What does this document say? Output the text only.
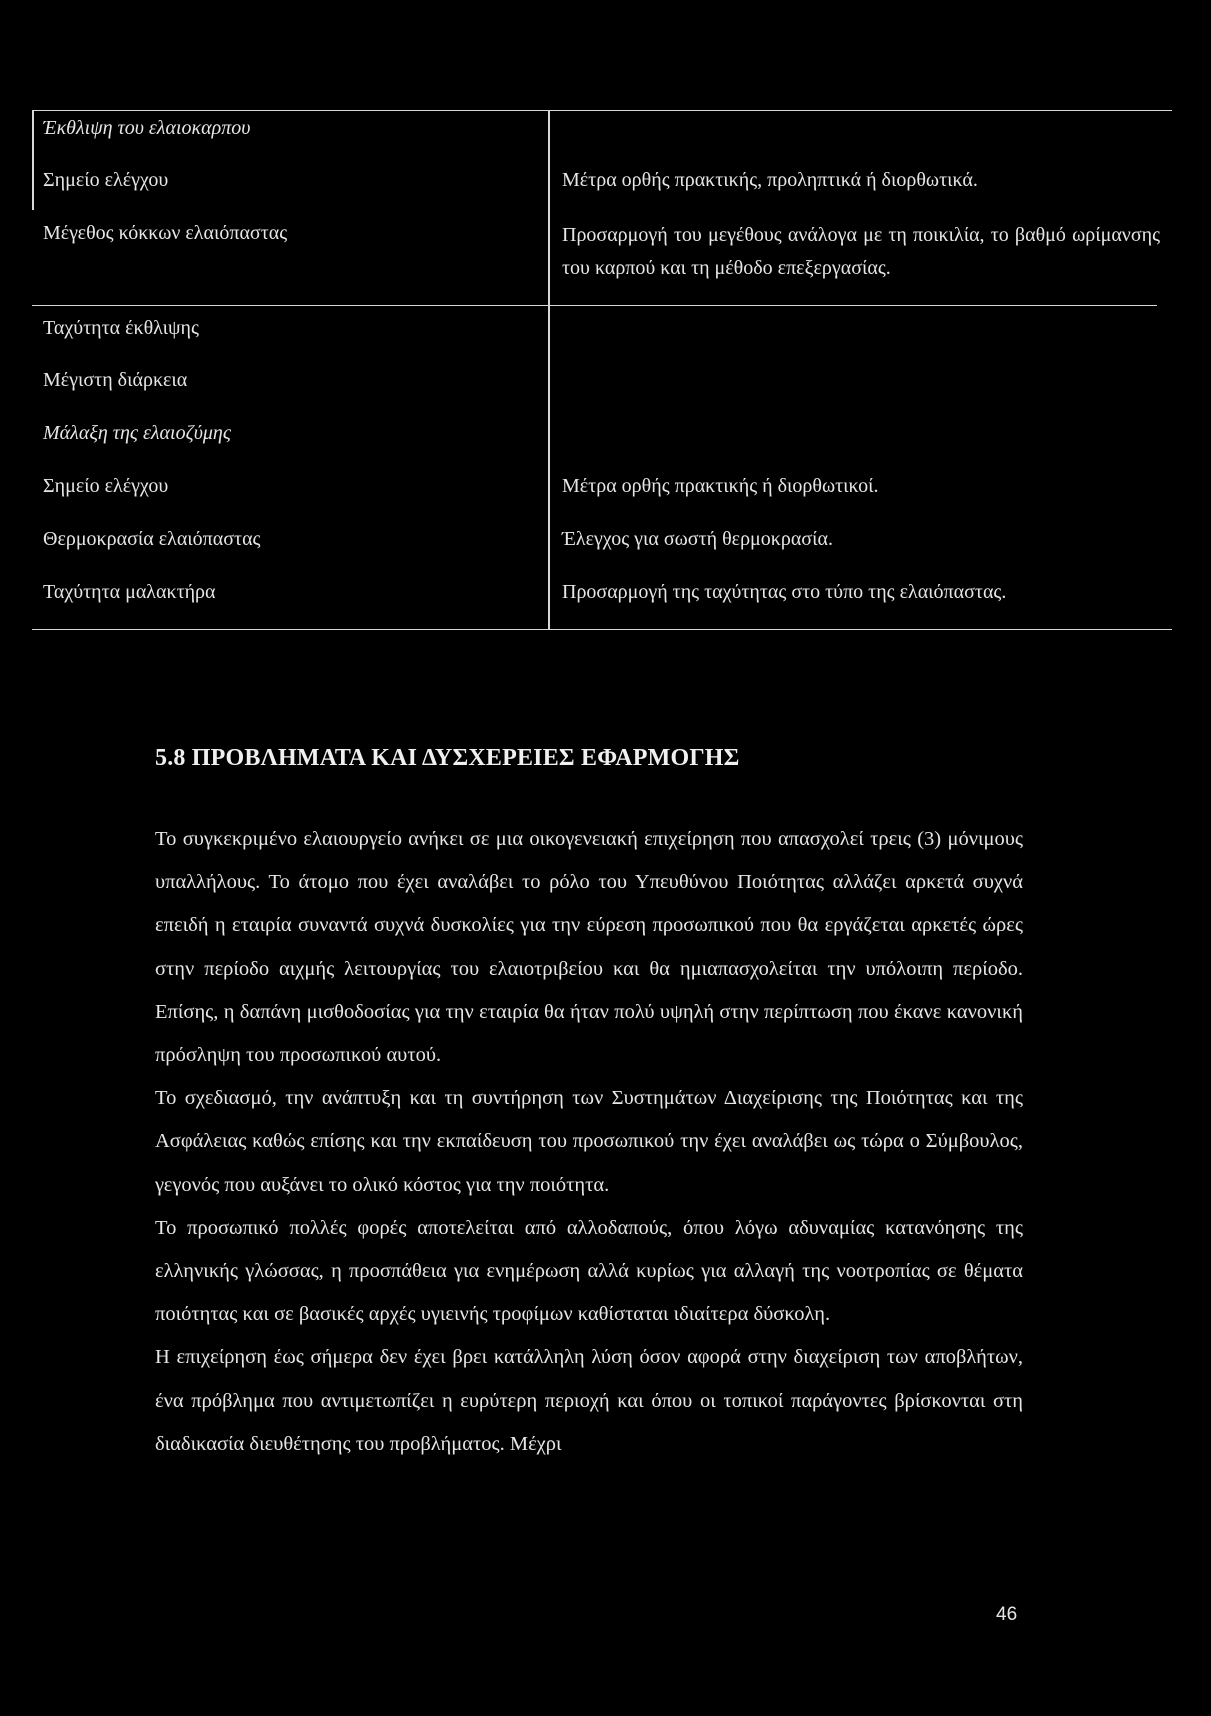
Έκθλιψη του ελαιοκαρπου
Σημείο ελέγχου
Μέγεθος κόκκων ελαιόπαστας
Ταχύτητα έκθλιψης
Μέγιστη διάρκεια
Μάλαξη της ελαιοζύμης
Σημείο ελέγχου
Θερμοκρασία ελαιόπαστας
Ταχύτητα μαλακτήρα
Μέτρα ορθής πρακτικής, προληπτικά ή διορθωτικά.
Προσαρμογή του μεγέθους ανάλογα με τη ποικιλία, το βαθμό ωρίμανσης του καρπού και τη μέθοδο επεξεργασίας.
Μέτρα ορθής πρακτικής ή διορθωτικοί.
Έλεγχος για σωστή θερμοκρασία.
Προσαρμογή της ταχύτητας στο τύπο της ελαιόπαστας.
5.8 ΠΡΟΒΛΗΜΑΤΑ ΚΑΙ ΔΥΣΧΕΡΕΙΕΣ ΕΦΑΡΜΟΓΗΣ

Το συγκεκριμένο ελαιουργείο ανήκει σε μια οικογενειακή επιχείρηση που απασχολεί τρεις (3) μόνιμους υπαλλήλους. Το άτομο που έχει αναλάβει το ρόλο του Υπευθύνου Ποιότητας αλλάζει αρκετά συχνά επειδή η εταιρία συναντά συχνά δυσκολίες για την εύρεση προσωπικού που θα εργάζεται αρκετές ώρες στην περίοδο αιχμής λειτουργίας του ελαιοτριβείου και θα ημιαπασχολείται την υπόλοιπη περίοδο. Επίσης, η δαπάνη μισθοδοσίας για την εταιρία θα ήταν πολύ υψηλή στην περίπτωση που έκανε κανονική πρόσληψη του προσωπικού αυτού.

Το σχεδιασμό, την ανάπτυξη και τη συντήρηση των Συστημάτων Διαχείρισης της Ποιότητας και της Ασφάλειας καθώς επίσης και την εκπαίδευση του προσωπικού την έχει αναλάβει ως τώρα ο Σύμβουλος, γεγονός που αυξάνει το ολικό κόστος για την ποιότητα.

Το προσωπικό πολλές φορές αποτελείται από αλλοδαπούς, όπου λόγω αδυναμίας κατανόησης της ελληνικής γλώσσας, η προσπάθεια για ενημέρωση αλλά κυρίως για αλλαγή της νοοτροπίας σε θέματα ποιότητας και σε βασικές αρχές υγιεινής τροφίμων καθίσταται ιδιαίτερα δύσκολη.

Η επιχείρηση έως σήμερα δεν έχει βρει κατάλληλη λύση όσον αφορά στην διαχείριση των αποβλήτων, ένα πρόβλημα που αντιμετωπίζει η ευρύτερη περιοχή και όπου οι τοπικοί παράγοντες βρίσκονται στη διαδικασία διευθέτησης του προβλήματος. Μέχρι

46
